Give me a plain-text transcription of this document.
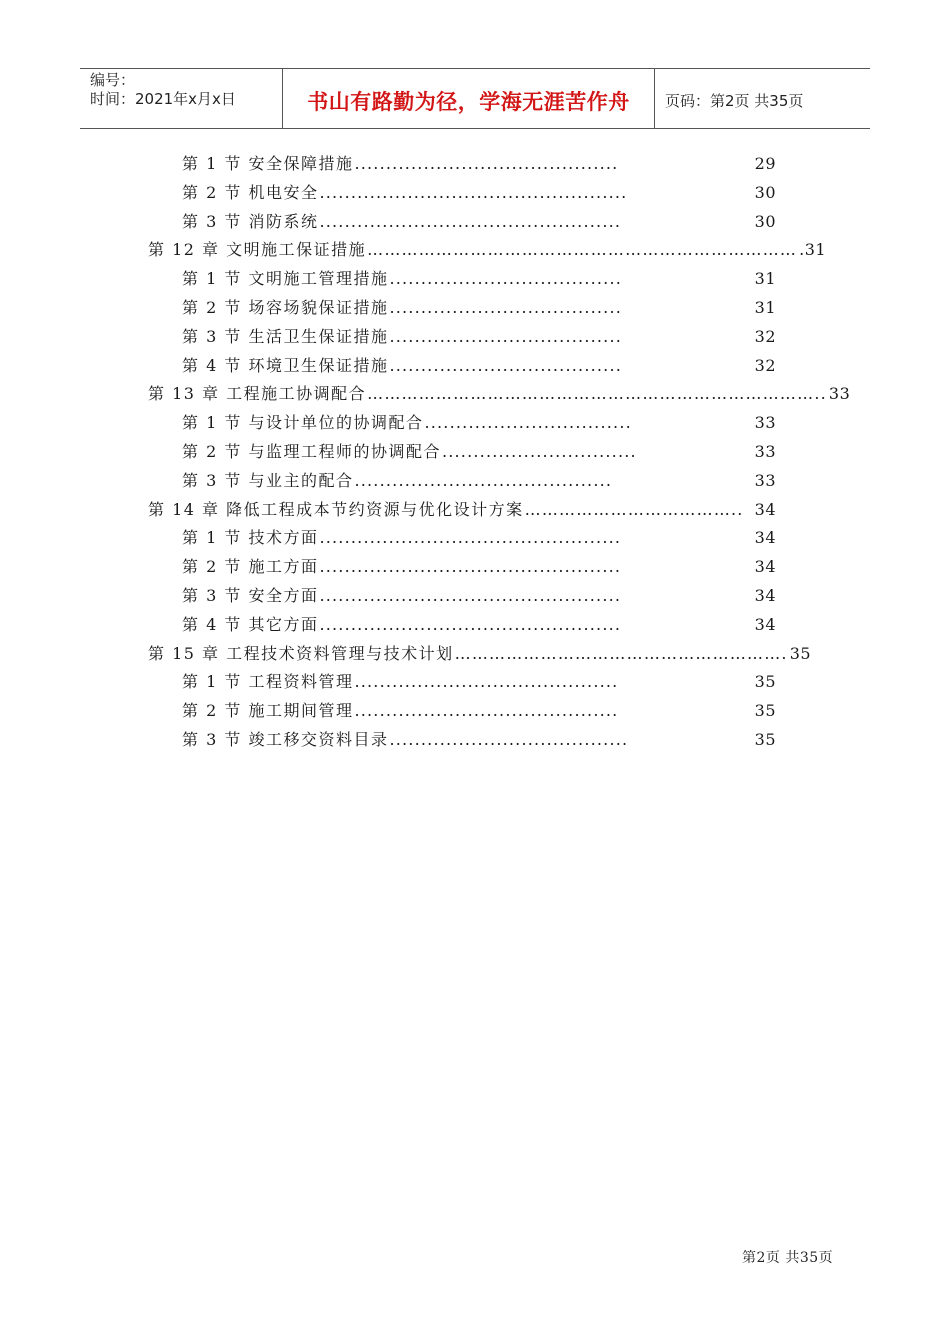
编号：
时间：2021年x月x日	书山有路勤为径，学海无涯苦作舟	页码：第2页 共35页
第 1 节 安全保障措施 ..........................................	29
第 2 节 机电安全 .................................................	30
第 3 节 消防系统 ................................................	30
第 12 章 文明施工保证措施 ………………………………………………………………… .31
第 1 节 文明施工管理措施 .....................................	31
第 2 节 场容场貌保证措施 .....................................	31
第 3 节 生活卫生保证措施 .....................................	32
第 4 节 环境卫生保证措施 .....................................	32
第 13 章 工程施工协调配合 …………………………………………………………………….. 33
第 1 节 与设计单位的协调配合 .................................	33
第 2 节 与监理工程师的协调配合 ...............................	33
第 3 节 与业主的配合 .........................................	33
第 14 章 降低工程成本节约资源与优化设计方案 ……………………………….. 34
第 1 节 技术方面 ................................................	34
第 2 节 施工方面 ................................................	34
第 3 节 安全方面 ................................................	34
第 4 节 其它方面 ................................................	34
第 15 章 工程技术资料管理与技术计划 …………………………………………………. 35
第 1 节 工程资料管理 ..........................................	35
第 2 节 施工期间管理 ..........................................	35
第 3 节 竣工移交资料目录 ......................................	35
第2页 共35页
